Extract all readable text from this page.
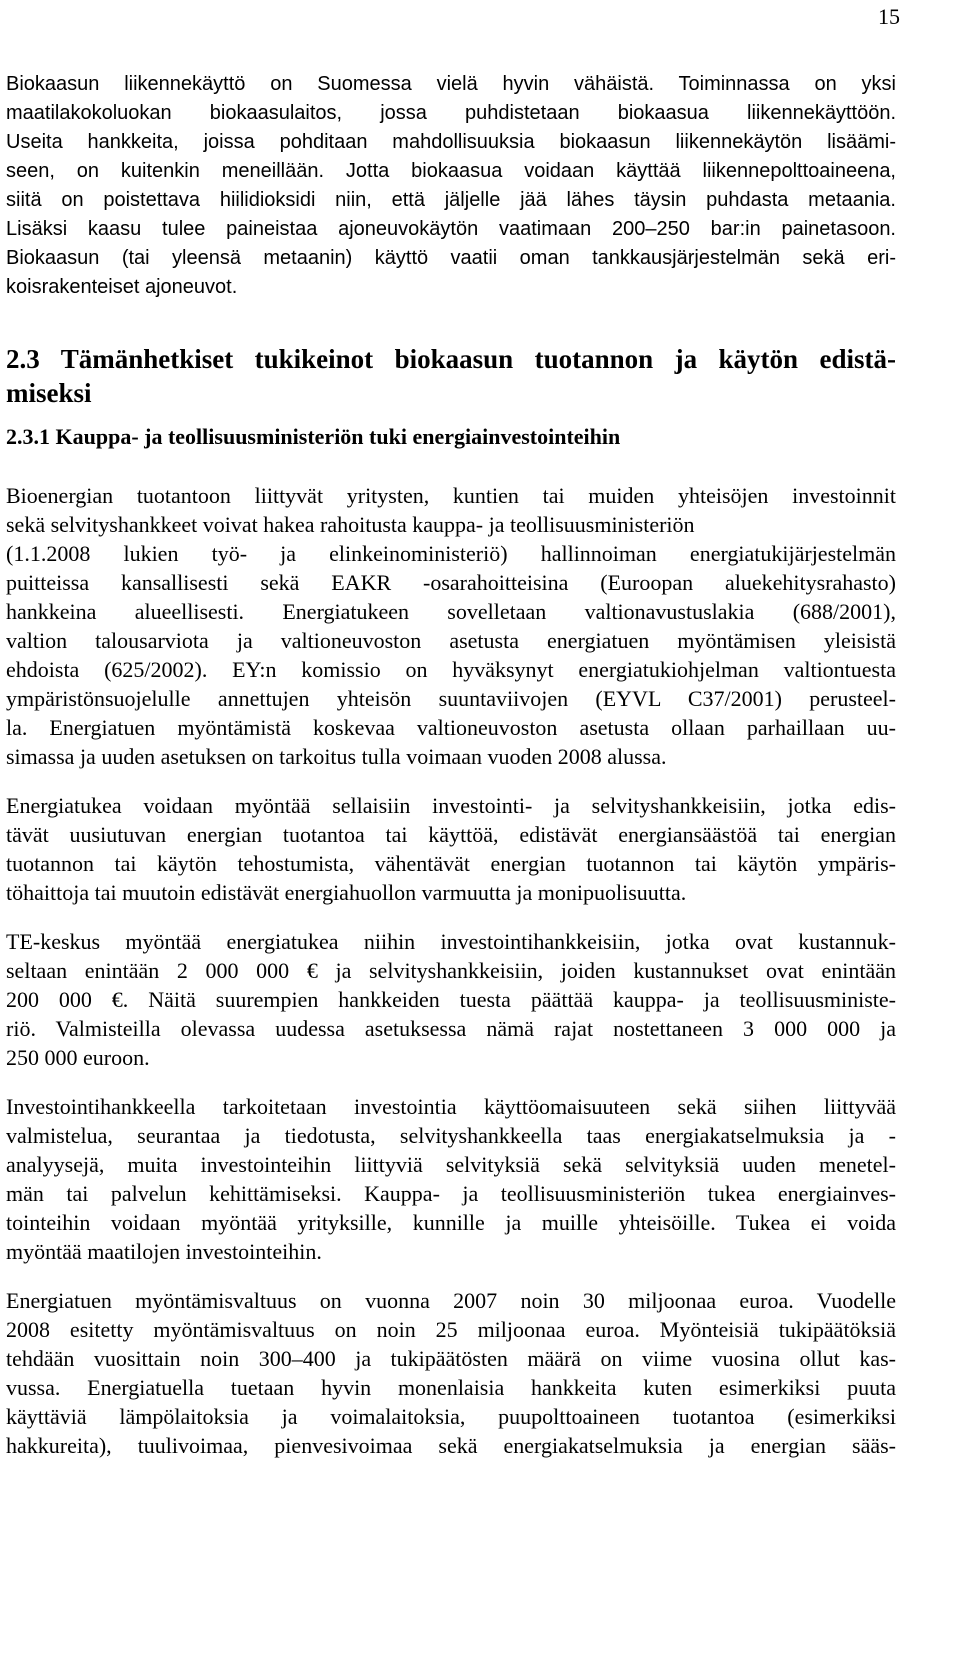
15
Biokaasun liikennekäyttö on Suomessa vielä hyvin vähäistä. Toiminnassa on yksi
maatilakokoluokan biokaasulaitos, jossa puhdistetaan biokaasua liikennekäyttöön.
Useita hankkeita, joissa pohditaan mahdollisuuksia biokaasun liikennekäytön lisäämi-
seen, on kuitenkin meneillään. Jotta biokaasua voidaan käyttää liikennepolttoaineena,
siitä on poistettava hiilidioksidi niin, että jäljelle jää lähes täysin puhdasta metaania.
Lisäksi kaasu tulee paineistaa ajoneuvokäytön vaatimaan 200–250 bar:in painetasoon.
Biokaasun (tai yleensä metaanin) käyttö vaatii oman tankkausjärjestelmän sekä eri-
koisrakenteiset ajoneuvot.
2.3 Tämänhetkiset tukikeinot biokaasun tuotannon ja käytön edistä-
miseksi
2.3.1 Kauppa- ja teollisuusministeriön tuki energiainvestointeihin
Bioenergian tuotantoon liittyvät yritysten, kuntien tai muiden yhteisöjen investoinnit
sekä selvityshankkeet voivat hakea rahoitusta kauppa- ja teollisuusministeriön
(1.1.2008 lukien työ- ja elinkeinoministeriö) hallinnoiman energiatukijärjestelmän
puitteissa kansallisesti sekä EAKR -osarahoitteisina (Euroopan aluekehitysrahasto)
hankkeina alueellisesti. Energiatukeen sovelletaan valtionavustuslakia (688/2001),
valtion talousarviota ja valtioneuvoston asetusta energiatuen myöntämisen yleisistä
ehdoista (625/2002). EY:n komissio on hyväksynyt energiatukiohjelman valtiontuesta
ympäristönsuojelulle annettujen yhteisön suuntaviivojen (EYVL C37/2001) perusteel-
la. Energiatuen myöntämistä koskevaa valtioneuvoston asetusta ollaan parhaillaan uu-
simassa ja uuden asetuksen on tarkoitus tulla voimaan vuoden 2008 alussa.
Energiatukea voidaan myöntää sellaisiin investointi- ja selvityshankkeisiin, jotka edis-
tävät uusiutuvan energian tuotantoa tai käyttöä, edistävät energiansäästöä tai energian
tuotannon tai käytön tehostumista, vähentävät energian tuotannon tai käytön ympäris-
töhaittoja tai muutoin edistävät energiahuollon varmuutta ja monipuolisuutta.
TE-keskus myöntää energiatukea niihin investointihankkeisiin, jotka ovat kustannuk-
seltaan enintään 2 000 000 € ja selvityshankkeisiin, joiden kustannukset ovat enintään
200 000 €. Näitä suurempien hankkeiden tuesta päättää kauppa- ja teollisuusministe-
riö. Valmisteilla olevassa uudessa asetuksessa nämä rajat nostettaneen 3 000 000 ja
250 000 euroon.
Investointihankkeella tarkoitetaan investointia käyttöomaisuuteen sekä siihen liittyvää
valmistelua, seurantaa ja tiedotusta, selvityshankkeella taas energiakatselmuksia ja -
analyysejä, muita investointeihin liittyviä selvityksiä sekä selvityksiä uuden menetel-
män tai palvelun kehittämiseksi. Kauppa- ja teollisuusministeriön tukea energiainves-
tointeihin voidaan myöntää yrityksille, kunnille ja muille yhteisöille. Tukea ei voida
myöntää maatilojen investointeihin.
Energiatuen myöntämisvaltuus on vuonna 2007 noin 30 miljoonaa euroa. Vuodelle
2008 esitetty myöntämisvaltuus on noin 25 miljoonaa euroa. Myönteisiä tukipäätöksiä
tehdään vuosittain noin 300–400 ja tukipäätösten määrä on viime vuosina ollut kas-
vussa. Energiatuella tuetaan hyvin monenlaisia hankkeita kuten esimerkiksi puuta
käyttäviä lämpölaitoksia ja voimalaitoksia, puupolttoaineen tuotantoa (esimerkiksi
hakkureita), tuulivoimaa, pienvesivoimaa sekä energiakatselmuksia ja energian sääs-
